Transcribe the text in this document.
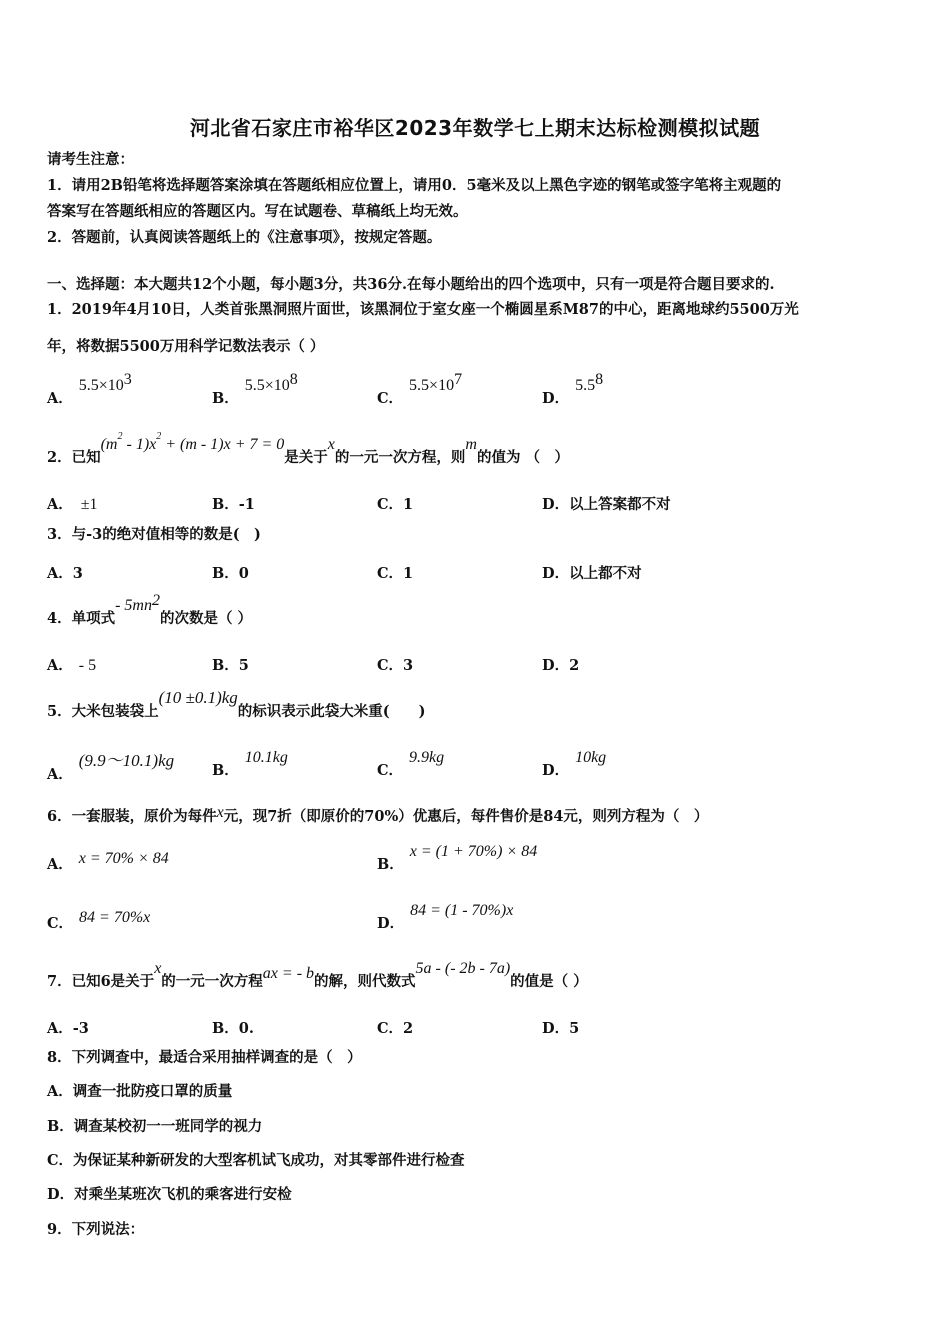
河北省石家庄市裕华区2023年数学七上期末达标检测模拟试题
请考生注意：
1．请用2B铅笔将选择题答案涂填在答题纸相应位置上，请用0．5毫米及以上黑色字迹的钢笔或签字笔将主观题的
答案写在答题纸相应的答题区内。写在试题卷、草稿纸上均无效。
2．答题前，认真阅读答题纸上的《注意事项》，按规定答题。
一、选择题：本大题共12个小题，每小题3分，共36分.在每小题给出的四个选项中，只有一项是符合题目要求的.
1．2019年4月10日，人类首张黑洞照片面世，该黑洞位于室女座一个椭圆星系M87的中心，距离地球约5500万光
年，将数据5500万用科学记数法表示（ ）
A．$5.5\times 10^3$
B．$5.5\times 10^8$
C．$5.5\times 10^7$
D．$5.5^8$
2．已知$(m^2 - 1)x^2 + (m - 1)x + 7 = 0$是关于x的一元一次方程，则m的值为 （　）
A． ±1	B．-1	C．1	D．以上答案都不对
3．与-3的绝对值相等的数是(　)
A．3	B．0	C．1	D．以上都不对
4．单项式- $5mn^2$的次数是（ ）
A． - 5	B．5	C．3	D．2
5．大米包装袋上(10 ±0.1)kg的标识表示此袋大米重(　　)
A．(9.9～10.1)kg
B．10.1kg
C．9.9kg
D．10kg
6．一套服装，原价为每件x元，现7折（即原价的70%）优惠后，每件售价是84元，则列方程为（　）
A． x = 70% × 84	B．x = (1 + 70%) × 84
C． 84 = 70%x	D．84 = (1 - 70%)x
7．已知6是关于x的一元一次方程ax = - b的解，则代数式5a - (- 2b - 7a)的值是（ ）
A．-3	B．0.	C．2	D．5
8．下列调查中，最适合采用抽样调查的是（　）
A．调查一批防疫口罩的质量
B．调查某校初一一班同学的视力
C．为保证某种新研发的大型客机试飞成功，对其零部件进行检查
D．对乘坐某班次飞机的乘客进行安检
9．下列说法：
